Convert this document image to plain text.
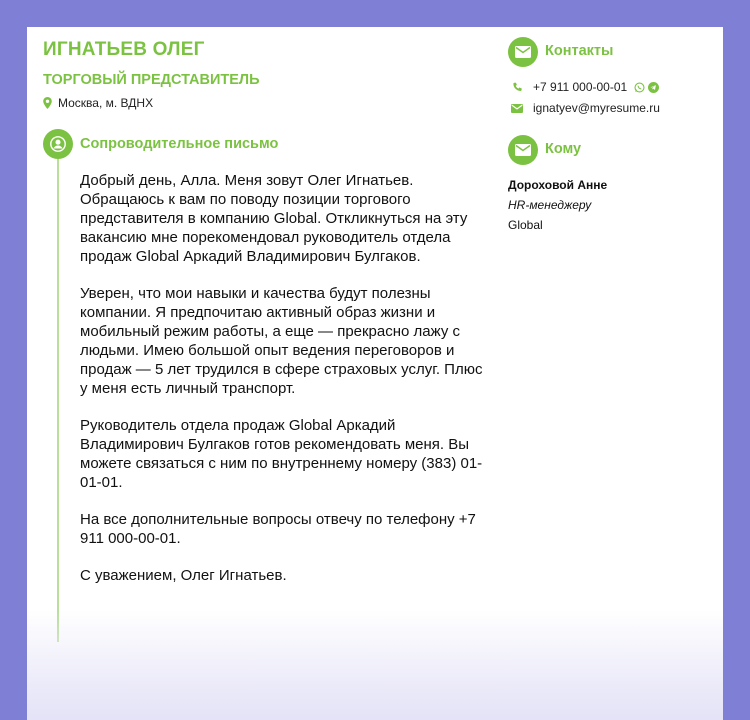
ИГНАТЬЕВ ОЛЕГ
ТОРГОВЫЙ ПРЕДСТАВИТЕЛЬ
Москва, м. ВДНХ
Сопроводительное письмо

Добрый день, Алла. Меня зовут Олег Игнатьев. Обращаюсь к вам по поводу позиции торгового представителя в компанию Global. Откликнуться на эту вакансию мне порекомендовал руководитель отдела продаж Global Аркадий Владимирович Булгаков.

Уверен, что мои навыки и качества будут полезны компании. Я предпочитаю активный образ жизни и мобильный режим работы, а еще — прекрасно лажу с людьми. Имею большой опыт ведения переговоров и продаж — 5 лет трудился в сфере страховых услуг. Плюс у меня есть личный транспорт.

Руководитель отдела продаж Global Аркадий Владимирович Булгаков готов рекомендовать меня. Вы можете связаться с ним по внутреннему номеру (383) 01-01-01.

На все дополнительные вопросы отвечу по телефону +7 911 000-00-01.

С уважением, Олег Игнатьев.

Контакты
+7 911 000-00-01
ignatyev@myresume.ru
Кому
Дороховой Анне
HR-менеджеру
Global
